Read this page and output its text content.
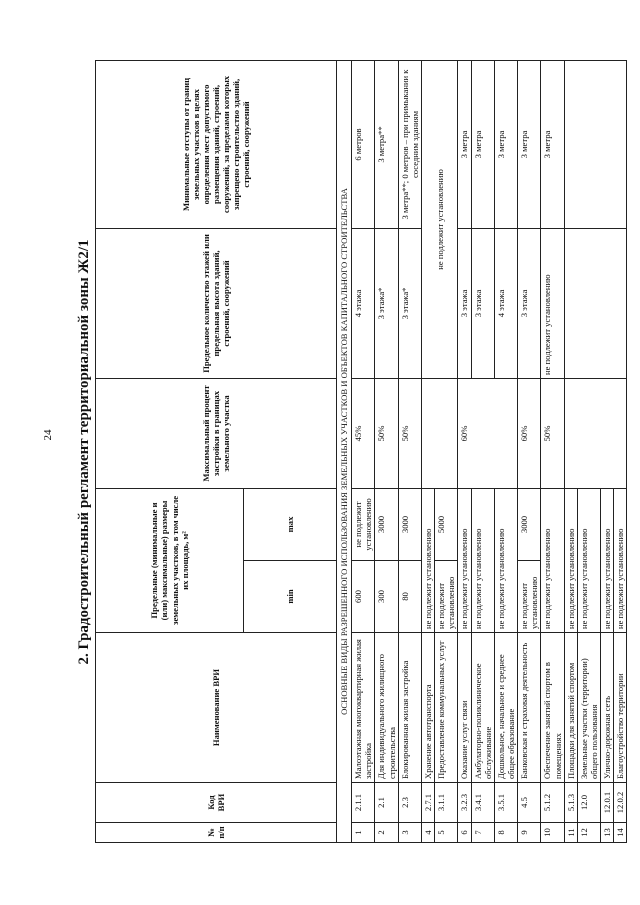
24 2. Градостроительный регламент территориальной зоны Ж2/1
№ п/п	Код ВРИ	Наименование ВРИ	Предельные (минимальные и (или) максимальные) размеры земельных участков, в том числе их площадь, м²		Максимальный процент застройки в границах земельного участка	Предельное количество этажей или предельная высота зданий, строений, сооружений	Минимальные отступы от границ земельных участков в целях определения мест допустимого размещения зданий, строений, сооружений, за пределами которых запрещено строительство зданий, строений, сооружений
			min	max			
ОСНОВНЫЕ ВИДЫ РАЗРЕШЕННОГО ИСПОЛЬЗОВАНИЯ ЗЕМЕЛЬНЫХ УЧАСТКОВ И ОБЪЕКТОВ КАПИТАЛЬНОГО СТРОИТЕЛЬСТВА							
1	2.1.1	Малоэтажная многоквартирная жилая застройка	600	не подлежит установлению	45%	4 этажа	6 метров
2	2.1	Для индивидуального жилищного строительства	300	3000	50%	3 этажа*	3 метра**
3	2.3	Блокированная жилая застройка	80	3000	50%	3 этажа*	3 метра**; 0 метров – при примыкании к соседним зданиям
4	2.7.1	Хранение автотранспорта	не подлежит установлению			не подлежит установлению	
5	3.1.1	Предоставление коммунальных услуг	не подлежит установлению	5000			
6	3.2.3	Оказание услуг связи	не подлежит установлению		60%	3 этажа	3 метра
7	3.4.1	Амбулаторно-поликлиническое обслуживание	не подлежит установлению			3 этажа	3 метра
8	3.5.1	Дошкольное, начальное и среднее общее образование	не подлежит установлению			4 этажа	3 метра
9	4.5	Банковская и страховая деятельность	не подлежит установлению	3000	60%	3 этажа	3 метра
10	5.1.2	Обеспечение занятий спортом в помещениях	не подлежит установлению		50%	не подлежит установлению	3 метра
11	5.1.3	Площадки для занятий спортом	не подлежит установлению				
12	12.0	Земельные участки (территории) общего пользования	не подлежит установлению				
13	12.0.1	Улично-дорожная сеть	не подлежит установлению				
14	12.0.2	Благоустройство территории	не подлежит установлению				
